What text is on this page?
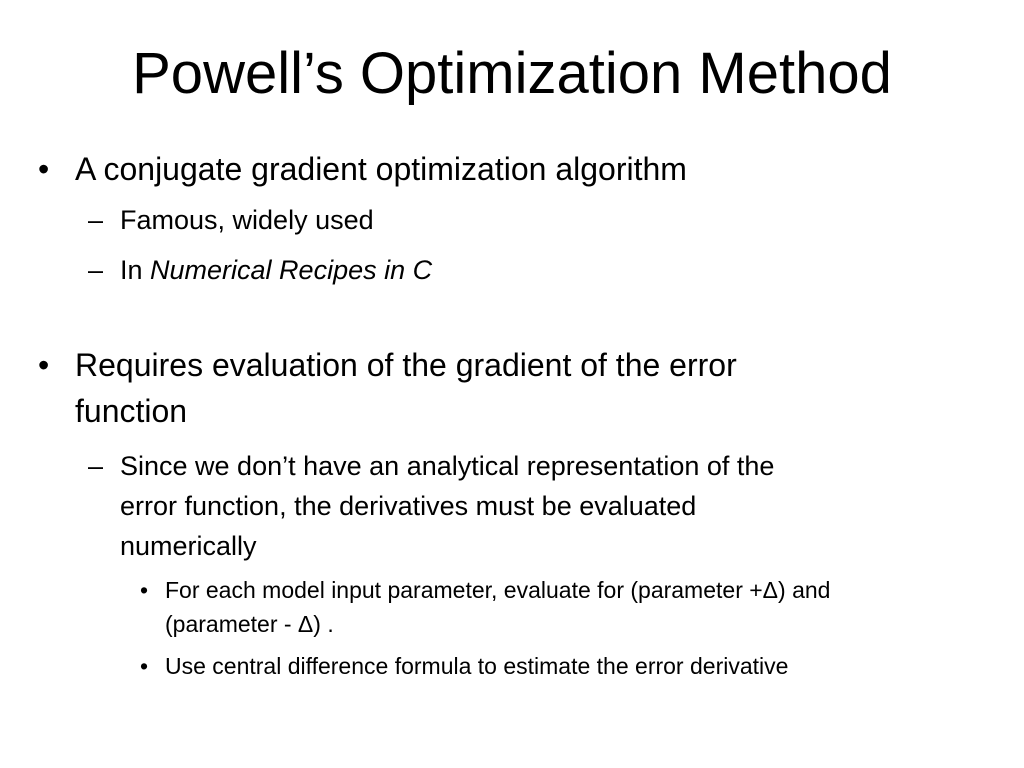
Powell’s Optimization Method
• A conjugate gradient optimization algorithm
– Famous, widely used
– In Numerical Recipes in C
• Requires evaluation of the gradient of the error
function
– Since we don’t have an analytical representation of the
error function, the derivatives must be evaluated
numerically
• For each model input parameter, evaluate for (parameter +Δ) and
(parameter - Δ) .
• Use central difference formula to estimate the error derivative
